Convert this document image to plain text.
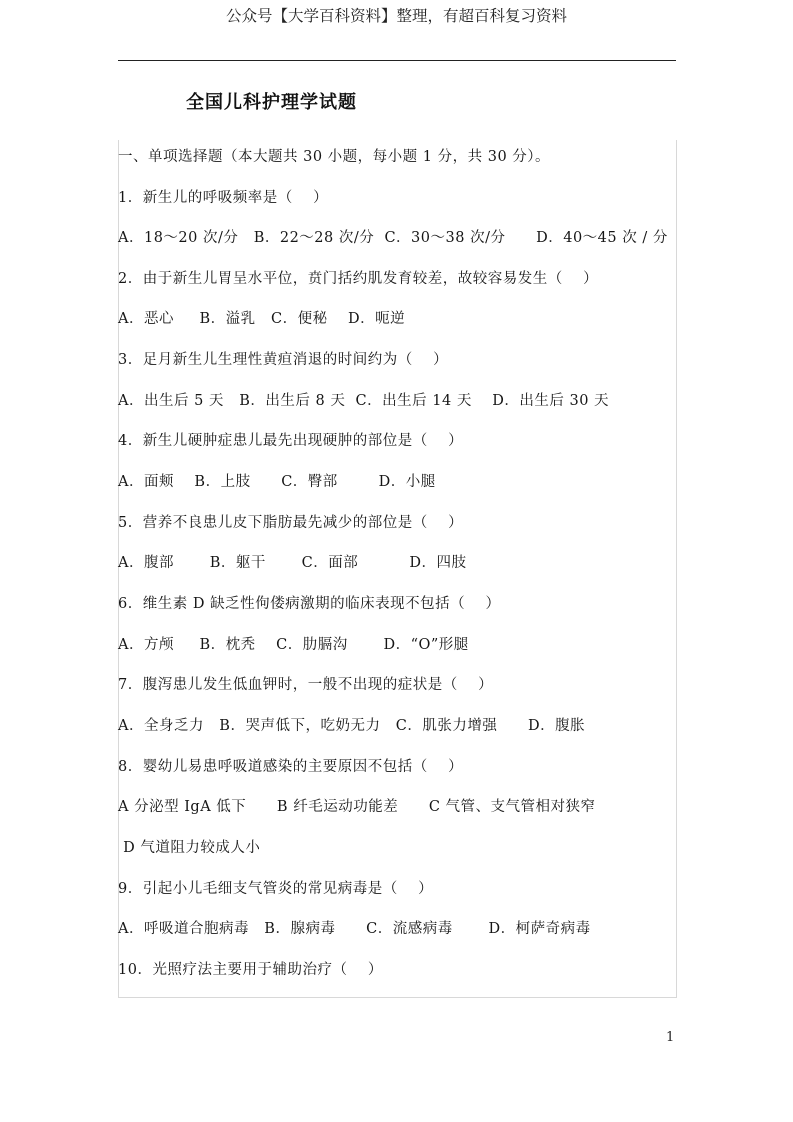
公众号【大学百科资料】整理，有超百科复习资料
全国儿科护理学试题
一、单项选择题（本大题共 30 小题，每小题 1 分，共 30 分）。
1．新生儿的呼吸频率是（    ）
A．18～20 次/分   B．22～28 次/分  C．30～38 次/分      D．40～45 次 / 分
2．由于新生儿胃呈水平位，贲门括约肌发育较差，故较容易发生（    ）
A．恶心     B．溢乳   C．便秘    D．呃逆
3．足月新生儿生理性黄疸消退的时间约为（    ）
A．出生后 5 天   B．出生后 8 天  C．出生后 14 天    D．出生后 30 天
4．新生儿硬肿症患儿最先出现硬肿的部位是（    ）
A．面颊    B．上肢      C．臀部        D．小腿
5．营养不良患儿皮下脂肪最先减少的部位是（    ）
A．腹部       B．躯干       C．面部          D．四肢
6．维生素 D 缺乏性佝偻病激期的临床表现不包括（    ）
A．方颅     B．枕秃    C．肋膈沟       D．“O”形腿
7．腹泻患儿发生低血钾时，一般不出现的症状是（    ）
A．全身乏力   B．哭声低下，吃奶无力   C．肌张力增强      D．腹胀
8．婴幼儿易患呼吸道感染的主要原因不包括（    ）
A 分泌型 IgA 低下      B 纤毛运动功能差      C 气管、支气管相对狭窄
D 气道阻力较成人小
9．引起小儿毛细支气管炎的常见病毒是（    ）
A．呼吸道合胞病毒   B．腺病毒      C．流感病毒       D．柯萨奇病毒
10．光照疗法主要用于辅助治疗（    ）
1
